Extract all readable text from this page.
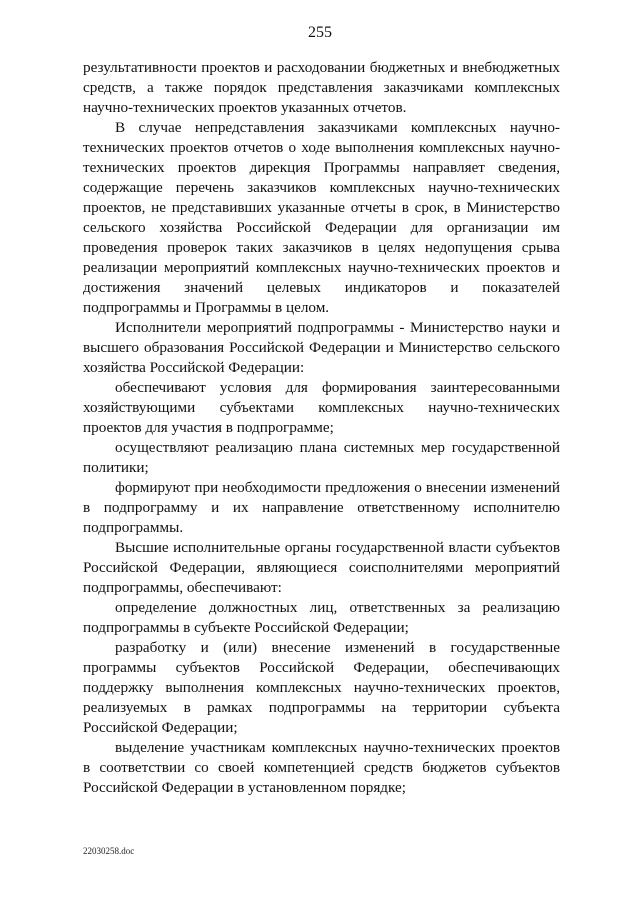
255

результативности проектов и расходовании бюджетных и внебюджетных средств, а также порядок представления заказчиками комплексных научно-технических проектов указанных отчетов.

В случае непредставления заказчиками комплексных научно-технических проектов отчетов о ходе выполнения комплексных научно-технических проектов дирекция Программы направляет сведения, содержащие перечень заказчиков комплексных научно-технических проектов, не представивших указанные отчеты в срок, в Министерство сельского хозяйства Российской Федерации для организации им проведения проверок таких заказчиков в целях недопущения срыва реализации мероприятий комплексных научно-технических проектов и достижения значений целевых индикаторов и показателей подпрограммы и Программы в целом.

Исполнители мероприятий подпрограммы - Министерство науки и высшего образования Российской Федерации и Министерство сельского хозяйства Российской Федерации:

обеспечивают условия для формирования заинтересованными хозяйствующими субъектами комплексных научно-технических проектов для участия в подпрограмме;

осуществляют реализацию плана системных мер государственной политики;

формируют при необходимости предложения о внесении изменений в подпрограмму и их направление ответственному исполнителю подпрограммы.

Высшие исполнительные органы государственной власти субъектов Российской Федерации, являющиеся соисполнителями мероприятий подпрограммы, обеспечивают:

определение должностных лиц, ответственных за реализацию подпрограммы в субъекте Российской Федерации;

разработку и (или) внесение изменений в государственные программы субъектов Российской Федерации, обеспечивающих поддержку выполнения комплексных научно-технических проектов, реализуемых в рамках подпрограммы на территории субъекта Российской Федерации;

выделение участникам комплексных научно-технических проектов в соответствии со своей компетенцией средств бюджетов субъектов Российской Федерации в установленном порядке;

22030258.doc
